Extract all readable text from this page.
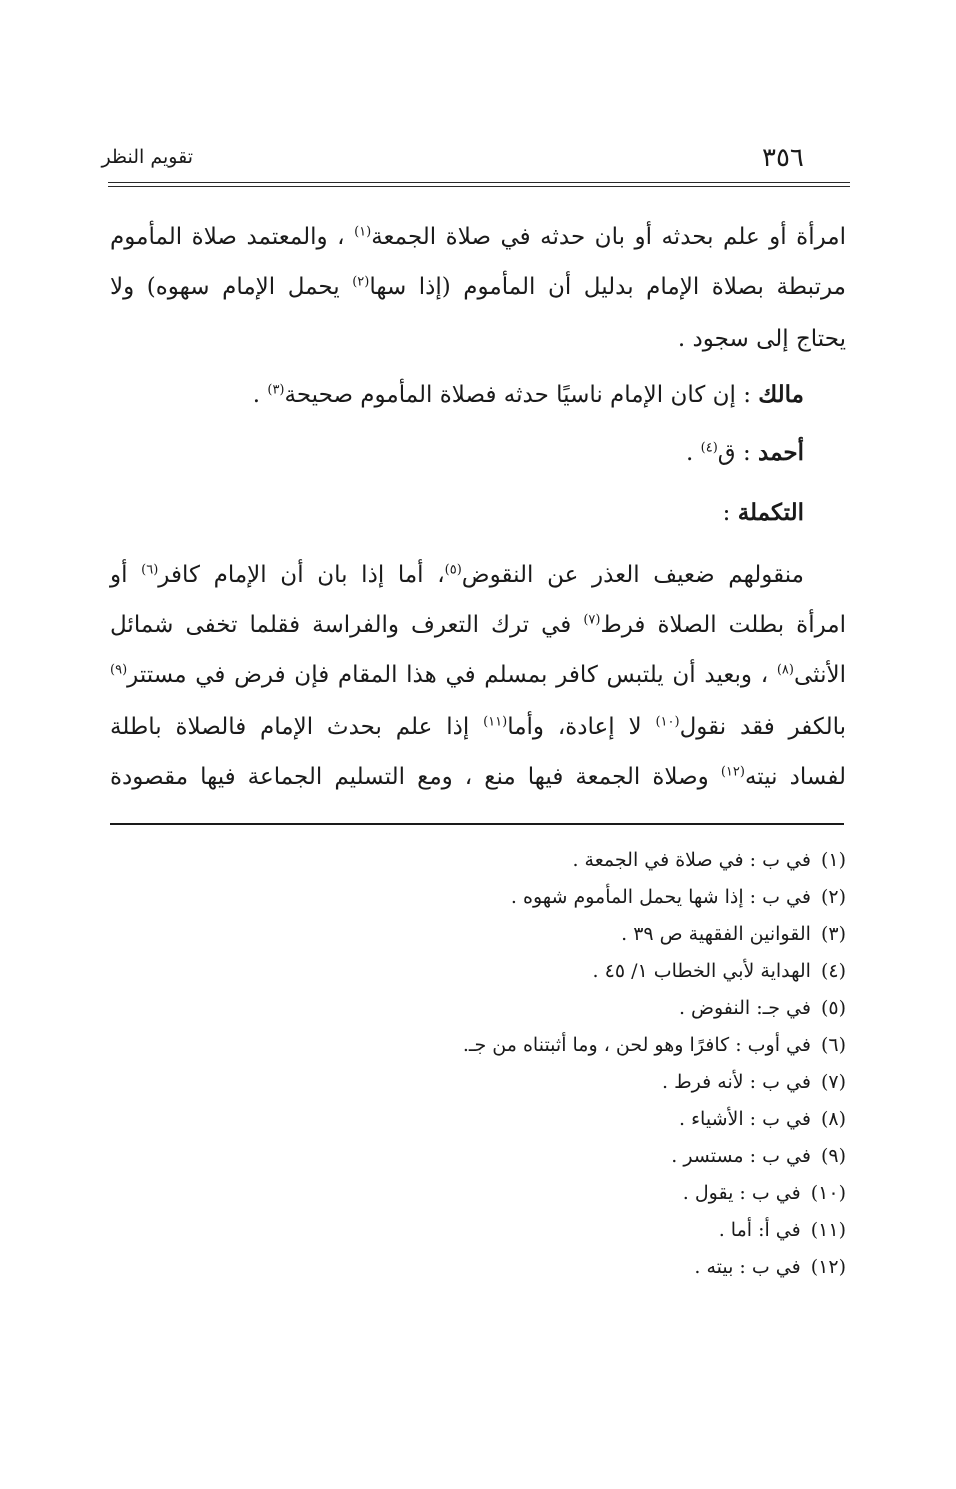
تقويم النظر	٣٥٦
امرأة أو علم بحدثه أو بان حدثه في صلاة الجمعة$^{(١)}$ ، والمعتمد صلاة المأموم
مرتبطة بصلاة الإمام بدليل أن المأموم (إذا سها$^{(٢)}$ يحمل الإمام سهوه) ولا
يحتاج إلى سجود .
مالك : إن كان الإمام ناسيًا حدثه فصلاة المأموم صحيحة$^{(٣)}$ .
أحمد : ق$^{(٤)}$ .
التكملة :
منقولهم ضعيف العذر عن النقوض$^{(٥)}$، أما إذا بان أن الإمام كافر$^{(٦)}$ أو
امرأة بطلت الصلاة فرط$^{(٧)}$ في ترك التعرف والفراسة فقلما تخفى شمائل
الأنثى$^{(٨)}$ ، وبعيد أن يلتبس كافر بمسلم في هذا المقام فإن فرض في مستتر$^{(٩)}$
بالكفر فقد نقول$^{(١٠)}$ لا إعادة، وأما$^{(١١)}$ إذا علم بحدث الإمام فالصلاة باطلة
لفساد نيته$^{(١٢)}$ وصلاة الجمعة فيها منع ، ومع التسليم الجماعة فيها مقصودة
(١)في ب : في صلاة في الجمعة .
(٢)في ب : إذا شها يحمل المأموم شهوه .
(٣)القوانين الفقهية ص ٣٩ .
(٤)الهداية لأبي الخطاب ١/ ٤٥ .
(٥)في جـ: النفوض .
(٦)في أوب : كافرًا وهو لحن ، وما أثبتناه من جـ.
(٧)في ب : لأنه فرط .
(٨)في ب : الأشياء .
(٩)في ب : مستسر .
(١٠)في ب : يقول .
(١١)في أ: أما .
(١٢)في ب : بيته .
